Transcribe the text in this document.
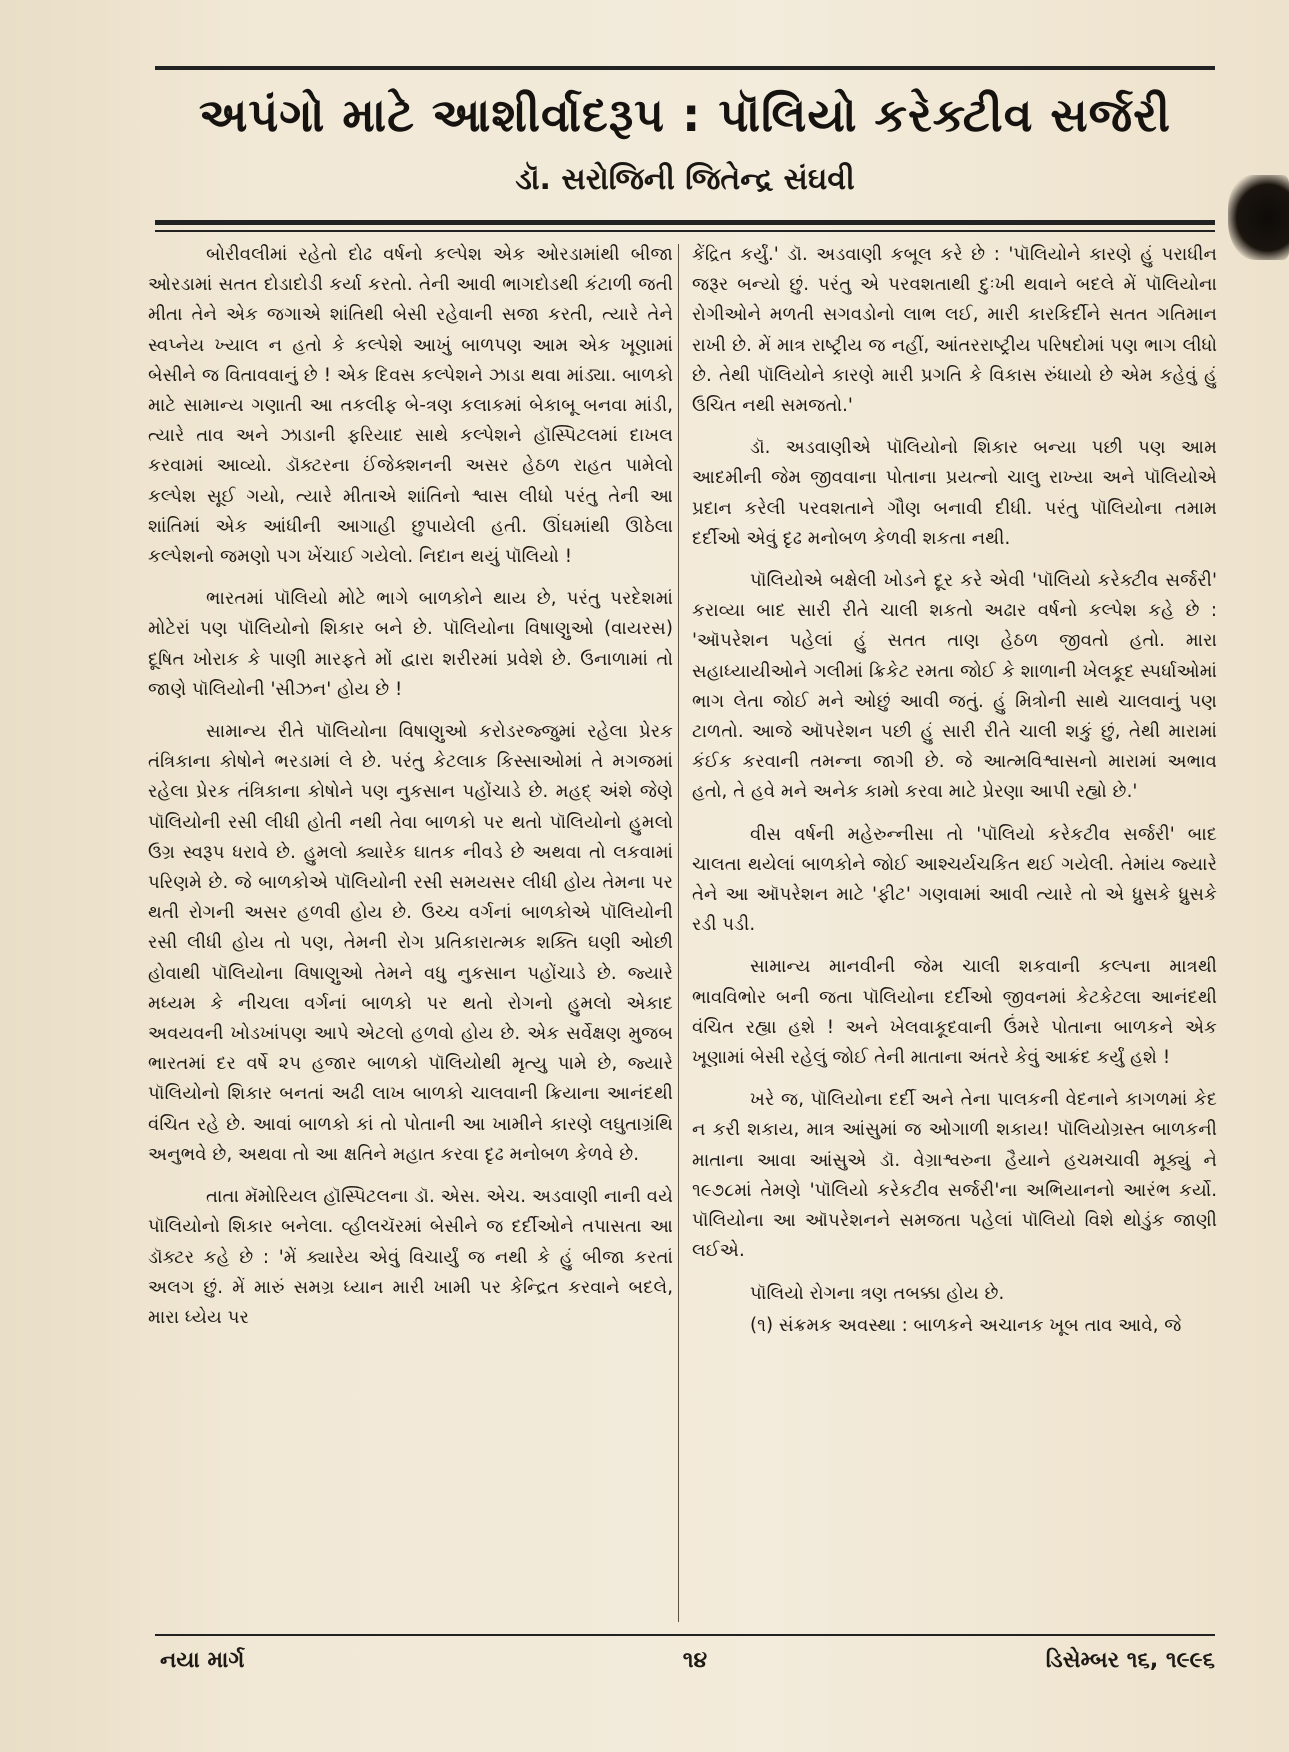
અપંગો માટે આશીર્વાદરૂપ : પૉલિયો કરેક્ટીવ સર્જરી
ડૉ. સરોજિની જિતેન્દ્ર સંઘવી

બોરીવલીમાં રહેતો દોઢ વર્ષનો કલ્પેશ એક ઓરડામાંથી બીજા ઓરડામાં સતત દોડાદોડી કર્યા કરતો. તેની આવી ભાગદોડથી કંટાળી જતી મીતા તેને એક જગાએ શાંતિથી બેસી રહેવાની સજા કરતી, ત્યારે તેને સ્વપ્નેય ખ્યાલ ન હતો કે કલ્પેશે આખું બાળપણ આમ એક ખૂણામાં બેસીને જ વિતાવવાનું છે ! એક દિવસ કલ્પેશને ઝાડા થવા માંડ્યા. બાળકો માટે સામાન્ય ગણાતી આ તકલીફ બે-ત્રણ કલાકમાં બેકાબૂ બનવા માંડી, ત્યારે તાવ અને ઝાડાની ફરિયાદ સાથે કલ્પેશને હૉસ્પિટલમાં દાખલ કરવામાં આવ્યો. ડૉક્ટરના ઈંજેક્શનની અસર હેઠળ રાહત પામેલો કલ્પેશ સૂઈ ગયો, ત્યારે મીતાએ શાંતિનો શ્વાસ લીધો પરંતુ તેની આ શાંતિમાં એક આંધીની આગાહી છુપાયેલી હતી. ઊંઘમાંથી ઊઠેલા કલ્પેશનો જમણો પગ ખેંચાઈ ગયેલો. નિદાન થયું પૉલિયો !

ભારતમાં પૉલિયો મોટે ભાગે બાળકોને થાય છે, પરંતુ પરદેશમાં મોટેરાં પણ પૉલિયોનો શિકાર બને છે. પૉલિયોના વિષાણુઓ (વાયરસ) દૂષિત ખોરાક કે પાણી મારફતે મોં દ્વારા શરીરમાં પ્રવેશે છે. ઉનાળામાં તો જાણે પૉલિયોની 'સીઝન' હોય છે !

સામાન્ય રીતે પૉલિયોના વિષાણુઓ કરોડરજ્જુમાં રહેલા પ્રેરક તંત્રિકાના કોષોને ભરડામાં લે છે. પરંતુ કેટલાક કિસ્સાઓમાં તે મગજમાં રહેલા પ્રેરક તંત્રિકાના કોષોને પણ નુકસાન પહોંચાડે છે. મહદ્ અંશે જેણે પૉલિયોની રસી લીધી હોતી નથી તેવા બાળકો પર થતો પૉલિયોનો હુમલો ઉગ્ર સ્વરૂપ ધરાવે છે. હુમલો ક્યારેક ઘાતક નીવડે છે અથવા તો લકવામાં પરિણમે છે. જે બાળકોએ પૉલિયોની રસી સમયસર લીધી હોય તેમના પર થતી રોગની અસર હળવી હોય છે. ઉચ્ચ વર્ગનાં બાળકોએ પૉલિયોની રસી લીધી હોય તો પણ, તેમની રોગ પ્રતિકારાત્મક શક્તિ ઘણી ઓછી હોવાથી પૉલિયોના વિષાણુઓ તેમને વધુ નુકસાન પહોંચાડે છે. જ્યારે મધ્યમ કે નીચલા વર્ગનાં બાળકો પર થતો રોગનો હુમલો એકાદ અવયવની ખોડખાંપણ આપે એટલો હળવો હોય છે. એક સર્વેક્ષણ મુજબ ભારતમાં દર વર્ષે ૨૫ હજાર બાળકો પૉલિયોથી મૃત્યુ પામે છે, જ્યારે પૉલિયોનો શિકાર બનતાં અઢી લાખ બાળકો ચાલવાની ક્રિયાના આનંદથી વંચિત રહે છે. આવાં બાળકો કાં તો પોતાની આ ખામીને કારણે લઘુતાગ્રંથિ અનુભવે છે, અથવા તો આ ક્ષતિને મહાત કરવા દૃઢ મનોબળ કેળવે છે.

તાતા મૅમોરિયલ હૉસ્પિટલના ડૉ. એસ. એચ. અડવાણી નાની વયે પૉલિયોનો શિકાર બનેલા. વ્હીલચૅરમાં બેસીને જ દર્દીઓને તપાસતા આ ડૉક્ટર કહે છે : 'મેં ક્યારેય એવું વિચાર્યું જ નથી કે હું બીજા કરતાં અલગ છું. મેં મારું સમગ્ર ધ્યાન મારી ખામી પર કેન્દ્રિત કરવાને બદલે, મારા ધ્યેય પર

કેંદ્રિત કર્યું.' ડૉ. અડવાણી કબૂલ કરે છે : 'પૉલિયોને કારણે હું પરાધીન જરૂર બન્યો છું. પરંતુ એ પરવશતાથી દુઃખી થવાને બદલે મેં પૉલિયોના રોગીઓને મળતી સગવડોનો લાભ લઈ, મારી કારકિર્દીને સતત ગતિમાન રાખી છે. મેં માત્ર રાષ્ટ્રીય જ નહીં, આંતરરાષ્ટ્રીય પરિષદોમાં પણ ભાગ લીધો છે. તેથી પૉલિયોને કારણે મારી પ્રગતિ કે વિકાસ રુંધાયો છે એમ કહેવું હું ઉચિત નથી સમજતો.'

ડૉ. અડવાણીએ પૉલિયોનો શિકાર બન્યા પછી પણ આમ આદમીની જેમ જીવવાના પોતાના પ્રયત્નો ચાલુ રાખ્યા અને પૉલિયોએ પ્રદાન કરેલી પરવશતાને ગૌણ બનાવી દીધી. પરંતુ પૉલિયોના તમામ દર્દીઓ એવું દૃઢ મનોબળ કેળવી શકતા નથી.

પૉલિયોએ બક્ષેલી ખોડને દૂર કરે એવી 'પૉલિયો કરેક્ટીવ સર્જરી' કરાવ્યા બાદ સારી રીતે ચાલી શકતો અઢાર વર્ષનો કલ્પેશ કહે છે : 'ઑપરેશન પહેલાં હું સતત તાણ હેઠળ જીવતો હતો. મારા સહાધ્યાયીઓને ગલીમાં ક્રિકેટ રમતા જોઈ કે શાળાની ખેલકૂદ સ્પર્ધાઓમાં ભાગ લેતા જોઈ મને ઓછું આવી જતું. હું મિત્રોની સાથે ચાલવાનું પણ ટાળતો. આજે ઑપરેશન પછી હું સારી રીતે ચાલી શકું છું, તેથી મારામાં કંઈક કરવાની તમન્ના જાગી છે. જે આત્મવિશ્વાસનો મારામાં અભાવ હતો, તે હવે મને અનેક કામો કરવા માટે પ્રેરણા આપી રહ્યો છે.'

વીસ વર્ષની મહેરુન્નીસા તો 'પૉલિયો કરેકટીવ સર્જરી' બાદ ચાલતા થયેલાં બાળકોને જોઈ આશ્ચર્યચકિત થઈ ગયેલી. તેમાંય જ્યારે તેને આ ઑપરેશન માટે 'ફીટ' ગણવામાં આવી ત્યારે તો એ ધ્રુસકે ધ્રુસકે રડી પડી.

સામાન્ય માનવીની જેમ ચાલી શકવાની કલ્પના માત્રથી ભાવવિભોર બની જતા પૉલિયોના દર્દીઓ જીવનમાં કેટકેટલા આનંદથી વંચિત રહ્યા હશે ! અને ખેલવાકૂદવાની ઉંમરે પોતાના બાળકને એક ખૂણામાં બેસી રહેલું જોઈ તેની માતાના અંતરે કેવું આક્રંદ કર્યું હશે !

ખરે જ, પૉલિયોના દર્દી અને તેના પાલકની વેદનાને કાગળમાં કેદ ન કરી શકાય, માત્ર આંસુમાં જ ઓગાળી શકાય! પૉલિયોગ્રસ્ત બાળકની માતાના આવા આંસુએ ડૉ. વેગ્રાશ્વરુના હૈયાને હચમચાવી મૂક્યું ને ૧૯૭૮માં તેમણે 'પૉલિયો કરેકટીવ સર્જરી'ના અભિયાનનો આરંભ કર્યો. પૉલિયોના આ ઑપરેશનને સમજતા પહેલાં પૉલિયો વિશે થોડુંક જાણી લઈએ.

પૉલિયો રોગના ત્રણ તબક્કા હોય છે.

(૧) સંક્રમક અવસ્થા : બાળકને અચાનક ખૂબ તાવ આવે, જે

નયા માર્ગ	૧૪	ડિસેમ્બર ૧૬, ૧૯૯૬
